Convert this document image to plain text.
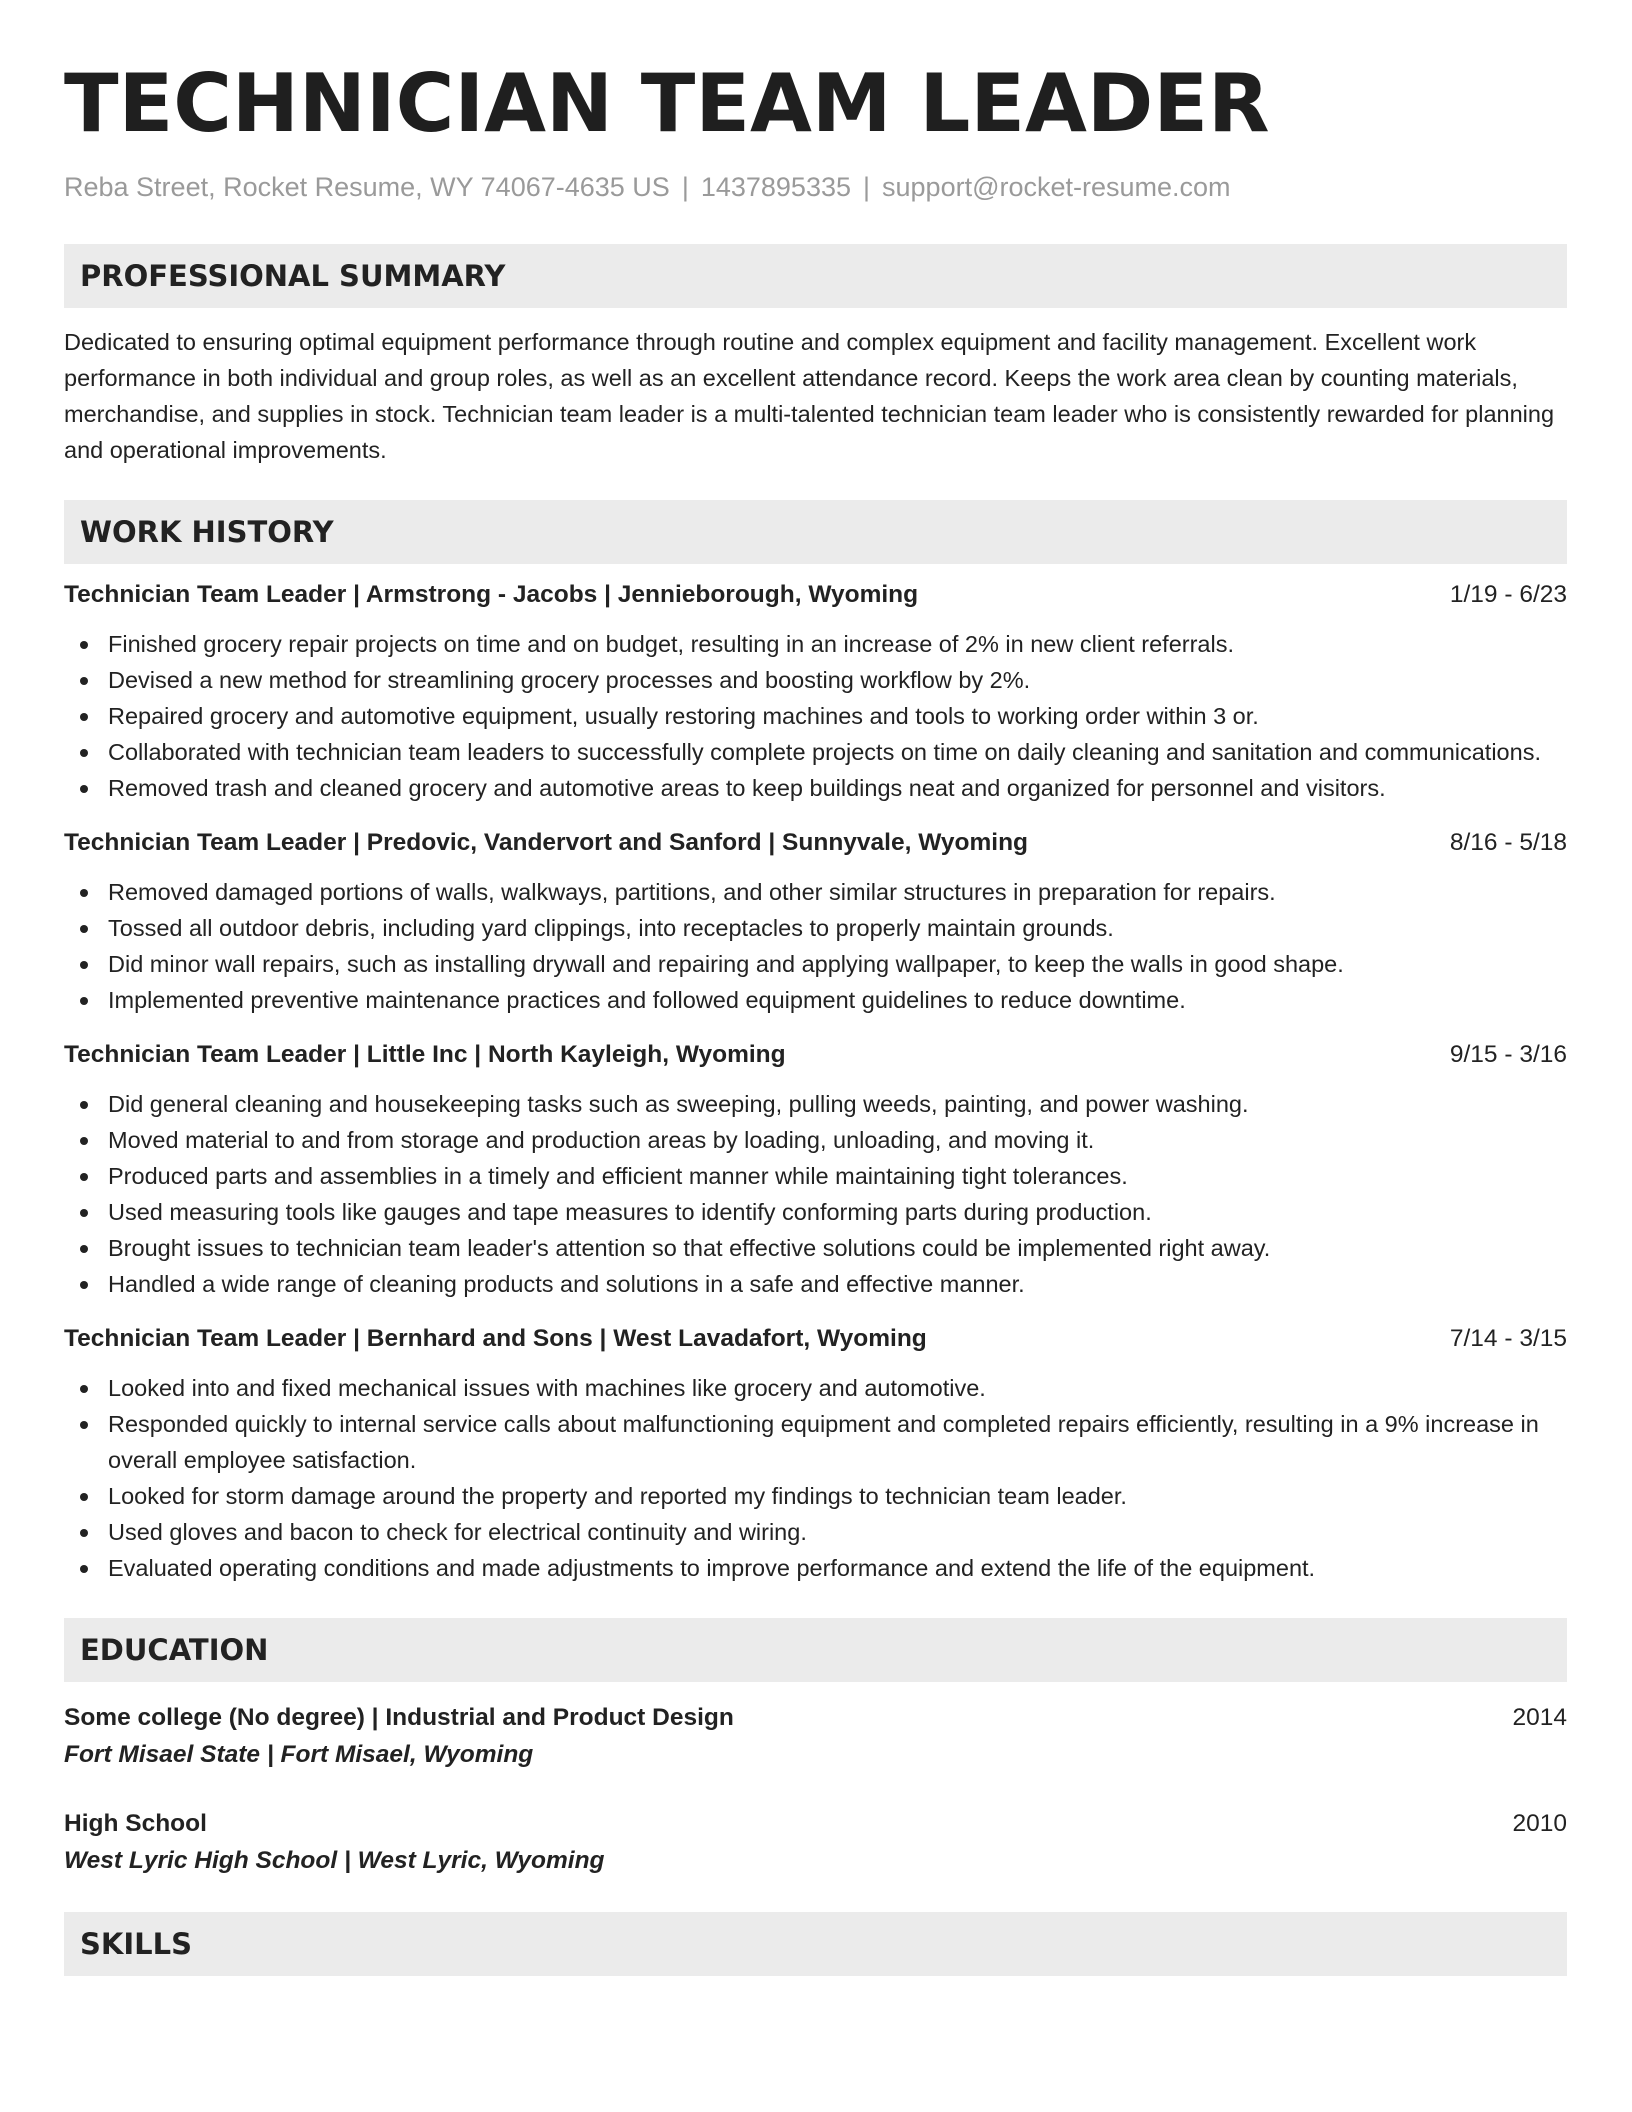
TECHNICIAN TEAM LEADER
Reba Street, Rocket Resume, WY 74067-4635 US | 1437895335 | support@rocket-resume.com
PROFESSIONAL SUMMARY

Dedicated to ensuring optimal equipment performance through routine and complex equipment and facility management. Excellent work performance in both individual and group roles, as well as an excellent attendance record. Keeps the work area clean by counting materials, merchandise, and supplies in stock. Technician team leader is a multi-talented technician team leader who is consistently rewarded for planning and operational improvements.

WORK HISTORY
Technician Team Leader | Armstrong - Jacobs | Jennieborough, Wyoming	1/19 - 6/23
Finished grocery repair projects on time and on budget, resulting in an increase of 2% in new client referrals.
Devised a new method for streamlining grocery processes and boosting workflow by 2%.
Repaired grocery and automotive equipment, usually restoring machines and tools to working order within 3 or.
Collaborated with technician team leaders to successfully complete projects on time on daily cleaning and sanitation and communications.
Removed trash and cleaned grocery and automotive areas to keep buildings neat and organized for personnel and visitors.
Technician Team Leader | Predovic, Vandervort and Sanford | Sunnyvale, Wyoming	8/16 - 5/18
Removed damaged portions of walls, walkways, partitions, and other similar structures in preparation for repairs.
Tossed all outdoor debris, including yard clippings, into receptacles to properly maintain grounds.
Did minor wall repairs, such as installing drywall and repairing and applying wallpaper, to keep the walls in good shape.
Implemented preventive maintenance practices and followed equipment guidelines to reduce downtime.
Technician Team Leader | Little Inc | North Kayleigh, Wyoming	9/15 - 3/16
Did general cleaning and housekeeping tasks such as sweeping, pulling weeds, painting, and power washing.
Moved material to and from storage and production areas by loading, unloading, and moving it.
Produced parts and assemblies in a timely and efficient manner while maintaining tight tolerances.
Used measuring tools like gauges and tape measures to identify conforming parts during production.
Brought issues to technician team leader's attention so that effective solutions could be implemented right away.
Handled a wide range of cleaning products and solutions in a safe and effective manner.
Technician Team Leader | Bernhard and Sons | West Lavadafort, Wyoming	7/14 - 3/15
Looked into and fixed mechanical issues with machines like grocery and automotive.
Responded quickly to internal service calls about malfunctioning equipment and completed repairs efficiently, resulting in a 9% increase in overall employee satisfaction.
Looked for storm damage around the property and reported my findings to technician team leader.
Used gloves and bacon to check for electrical continuity and wiring.
Evaluated operating conditions and made adjustments to improve performance and extend the life of the equipment.
EDUCATION
Some college (No degree) | Industrial and Product Design	2014
Fort Misael State | Fort Misael, Wyoming
High School	2010
West Lyric High School | West Lyric, Wyoming
SKILLS
